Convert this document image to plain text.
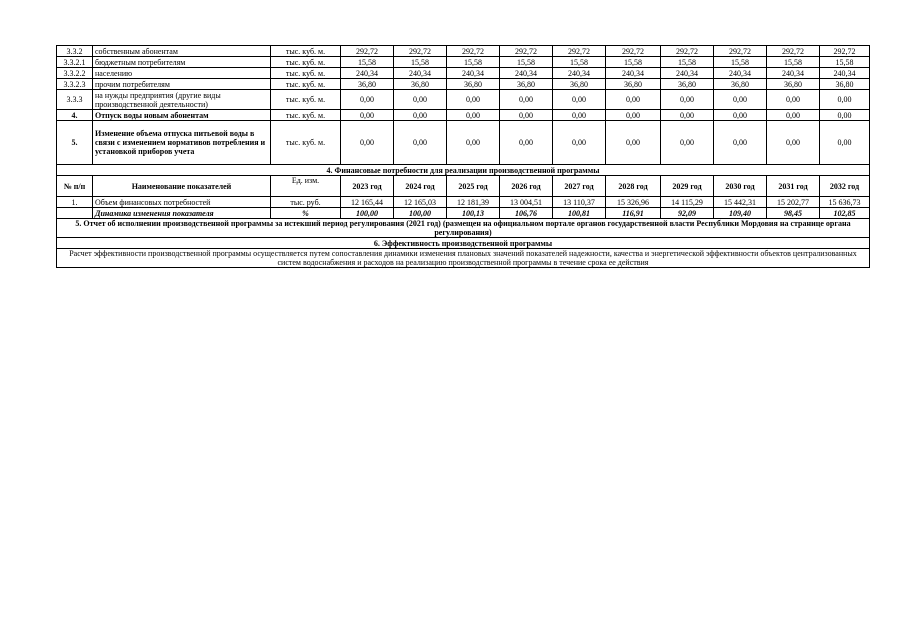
3.3.2	собственным абонентам	тыс. куб. м.	292,72	292,72	292,72	292,72	292,72	292,72	292,72	292,72	292,72	292,72
3.3.2.1	бюджетным потребителям	тыс. куб. м.	15,58	15,58	15,58	15,58	15,58	15,58	15,58	15,58	15,58	15,58
3.3.2.2	населению	тыс. куб. м.	240,34	240,34	240,34	240,34	240,34	240,34	240,34	240,34	240,34	240,34
3.3.2.3	прочим потребителям	тыс. куб. м.	36,80	36,80	36,80	36,80	36,80	36,80	36,80	36,80	36,80	36,80
3.3.3	на нужды предприятия (другие виды производственной деятельности)	тыс. куб. м.	0,00	0,00	0,00	0,00	0,00	0,00	0,00	0,00	0,00	0,00
4.	Отпуск воды новым абонентам	тыс. куб. м.	0,00	0,00	0,00	0,00	0,00	0,00	0,00	0,00	0,00	0,00
5.	Изменение объема отпуска питьевой воды в связи с изменением нормативов потребления и установкой приборов учета	тыс. куб. м.	0,00	0,00	0,00	0,00	0,00	0,00	0,00	0,00	0,00	0,00
4. Финансовые потребности для реализации производственной программы												
№ п/п	Наименование показателей	Ед. изм.	2023 год	2024 год	2025 год	2026 год	2027 год	2028 год	2029 год	2030 год	2031 год	2032 год
1.	Объем финансовых потребностей	тыс. руб.	12 165,44	12 165,03	12 181,39	13 004,51	13 110,37	15 326,96	14 115,29	15 442,31	15 202,77	15 636,73
	Динамика изменения показателя	%	100,00	100,00	100,13	106,76	100,81	116,91	92,09	109,40	98,45	102,85
5. Отчет об исполнении производственной программы за истекший период регулирования (2021 год) (размещен на официальном портале органов государственной власти Республики Мордовия на странице органа регулирования)												
6. Эффективность производственной программы												
Расчет эффективности производственной программы осуществляется путем сопоставления динамики изменения плановых значений показателей надежности, качества и энергетической эффективности объектов централизованных систем водоснабжения и расходов на реализацию производственной программы в течение срока ее действия												
